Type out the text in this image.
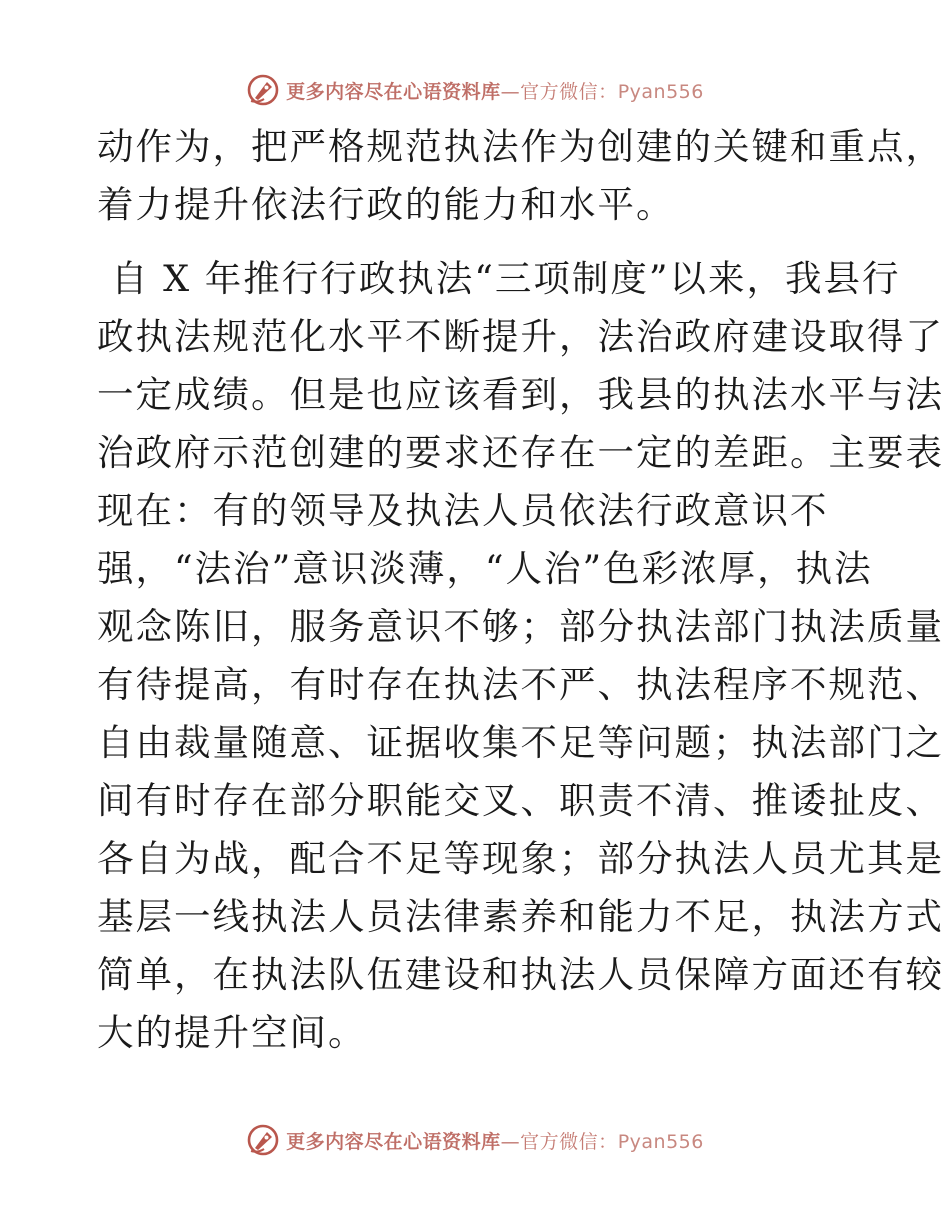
更多内容尽在心语资料库—官方微信：Pyan556
动作为，把严格规范执法作为创建的关键和重点，
着力提升依法行政的能力和水平。
自 X 年推行行政执法“三项制度”以来，我县行
政执法规范化水平不断提升，法治政府建设取得了
一定成绩。但是也应该看到，我县的执法水平与法
治政府示范创建的要求还存在一定的差距。主要表
现在：有的领导及执法人员依法行政意识不
强，“法治”意识淡薄，“人治”色彩浓厚，执法
观念陈旧，服务意识不够；部分执法部门执法质量
有待提高，有时存在执法不严、执法程序不规范、
自由裁量随意、证据收集不足等问题；执法部门之
间有时存在部分职能交叉、职责不清、推诿扯皮、
各自为战，配合不足等现象；部分执法人员尤其是
基层一线执法人员法律素养和能力不足，执法方式
简单，在执法队伍建设和执法人员保障方面还有较
大的提升空间。
更多内容尽在心语资料库—官方微信：Pyan556
